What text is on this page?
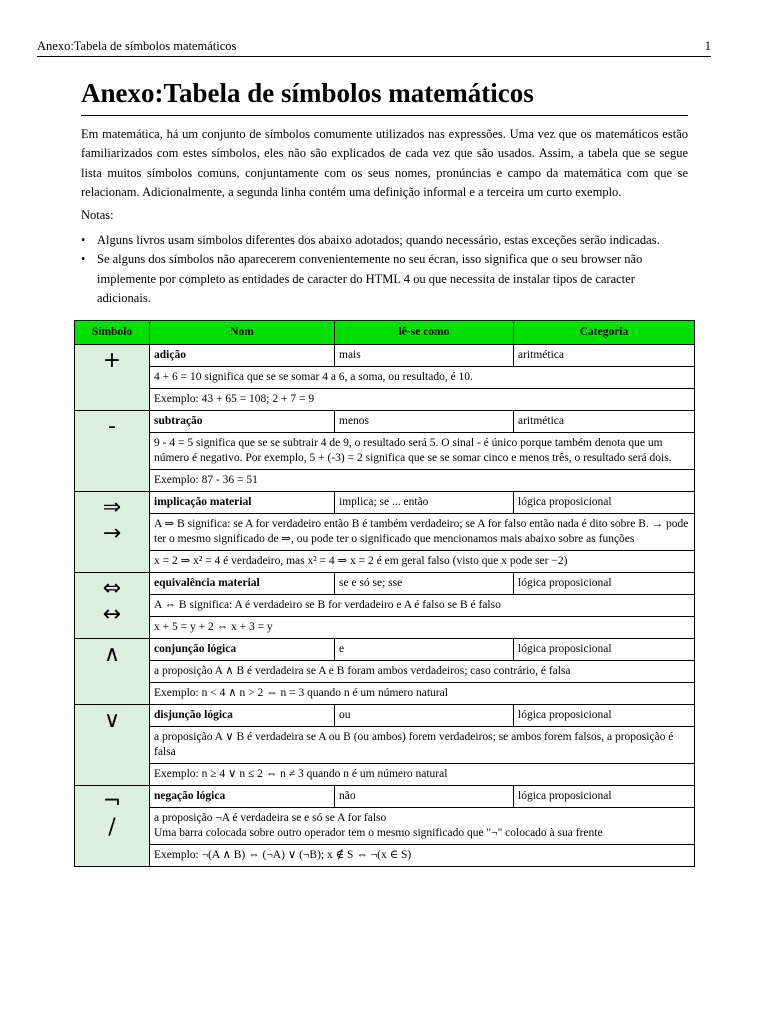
Anexo:Tabela de símbolos matemáticos	1
Anexo:Tabela de símbolos matemáticos

Em matemática, há um conjunto de símbolos comumente utilizados nas expressões. Uma vez que os matemáticos estão familiarizados com estes símbolos, eles não são explicados de cada vez que são usados. Assim, a tabela que se segue lista muitos símbolos comuns, conjuntamente com os seus nomes, pronúncias e campo da matemática com que se relacionam. Adicionalmente, a segunda linha contém uma definição informal e a terceira um curto exemplo.

Notas:

• Alguns livros usam símbolos diferentes dos abaixo adotados; quando necessário, estas exceções serão indicadas.
• Se alguns dos símbolos não aparecerem convenientemente no seu écran, isso significa que o seu browser não implemente por completo as entidades de caracter do HTML 4 ou que necessita de instalar tipos de caracter adicionais.
Símbolo	Nom	lê-se como	Categoria

+	adição	mais	aritmética
	4 + 6 = 10 significa que se se somar 4 a 6, a soma, ou resultado, é 10.		
	Exemplo: 43 + 65 = 108; 2 + 7 = 9		

-	subtração	menos	aritmética
	9 - 4 = 5 significa que se se subtrair 4 de 9, o resultado será 5. O sinal - é único porque também denota que um número é negativo. Por exemplo, 5 + (-3) = 2 significa que se se somar cinco e menos três, o resultado será dois.		
	Exemplo: 87 - 36 = 51		

⇒
→	implicação material	implica; se ... então	lógica proposicional
	A ⇒ B significa: se A for verdadeiro então B é também verdadeiro; se A for falso então nada é dito sobre B. → pode ter o mesmo significado de ⇒, ou pode ter o significado que mencionamos mais abaixo sobre as funções		
	x = 2 ⇒ x² = 4 é verdadeiro, mas x² = 4 ⇒ x = 2 é em geral falso (visto que x pode ser −2)		

⇔
↔	equivalência material	se e só se; sse	lógica proposicional
	A ⇔ B significa: A é verdadeiro se B for verdadeiro e A é falso se B é falso		
	x + 5 = y + 2 ⇔ x + 3 = y		

∧	conjunção lógica	e	lógica proposicional
	a proposição A ∧ B é verdadeira se A e B foram ambos verdadeiros; caso contrário, é falsa		
	Exemplo: n < 4 ∧ n > 2 ⇔ n = 3 quando n é um número natural		

∨	disjunção lógica	ou	lógica proposicional
	a proposição A ∨ B é verdadeira se A ou B (ou ambos) forem verdadeiros; se ambos forem falsos, a proposição é falsa		
	Exemplo: n ≥ 4 ∨ n ≤ 2 ⇔ n ≠ 3 quando n é um número natural		

¬
/	negação lógica	não	lógica proposicional

	a proposição ¬A é verdadeira se e só se A for falso
Uma barra colocada sobre outro operador tem o mesmo significado que "¬" colocado à sua frente		

	Exemplo: ¬(A ∧ B) ⇔ (¬A) ∨ (¬B); x ∉ S ⇔ ¬(x ∈ S)		
